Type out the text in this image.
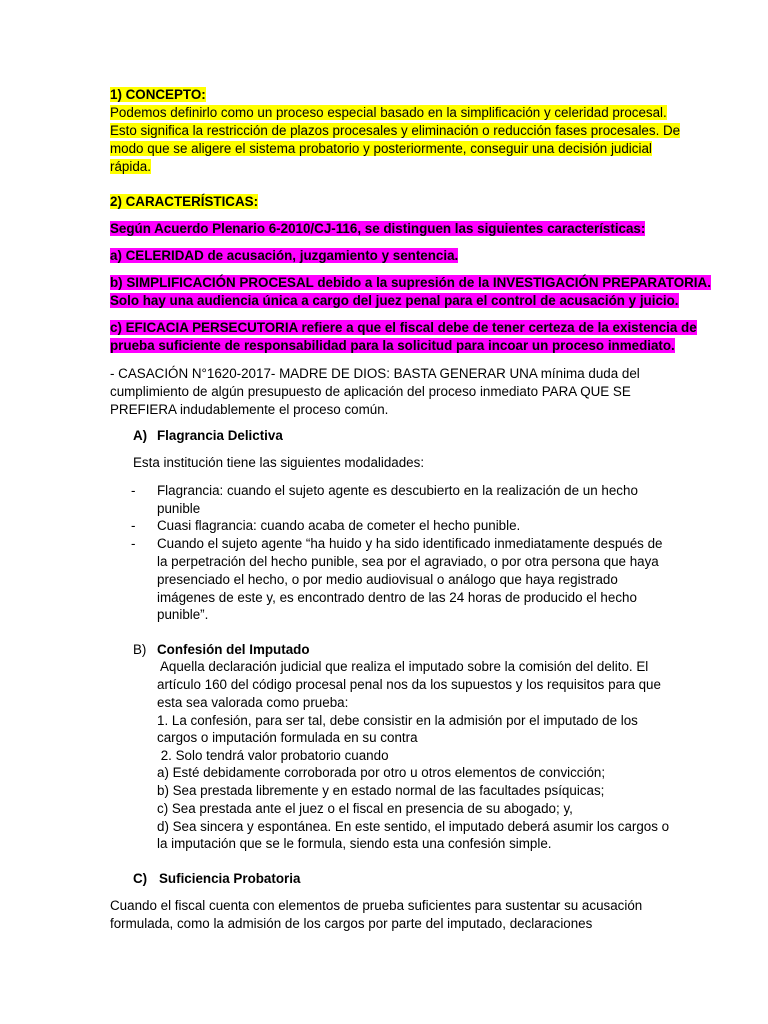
1) CONCEPTO:
Podemos definirlo como un proceso especial basado en la simplificación y celeridad procesal.
Esto significa la restricción de plazos procesales y eliminación o reducción fases procesales. De
modo que se aligere el sistema probatorio y posteriormente, conseguir una decisión judicial
rápida.
2) CARACTERÍSTICAS:
Según Acuerdo Plenario 6-2010/CJ-116, se distinguen las siguientes características:
a) CELERIDAD de acusación, juzgamiento y sentencia.
b) SIMPLIFICACIÓN PROCESAL debido a la supresión de la INVESTIGACIÓN PREPARATORIA.
Solo hay una audiencia única a cargo del juez penal para el control de acusación y juicio.
c) EFICACIA PERSECUTORIA refiere a que el fiscal debe de tener certeza de la existencia de
prueba suficiente de responsabilidad para la solicitud para incoar un proceso inmediato.
- CASACIÓN N°1620-2017- MADRE DE DIOS: BASTA GENERAR UNA mínima duda del
cumplimiento de algún presupuesto de aplicación del proceso inmediato PARA QUE SE
PREFIERA indudablemente el proceso común.
A) Flagrancia Delictiva
Esta institución tiene las siguientes modalidades:
- Flagrancia: cuando el sujeto agente es descubierto en la realización de un hecho
punible
- Cuasi flagrancia: cuando acaba de cometer el hecho punible.
- Cuando el sujeto agente “ha huido y ha sido identificado inmediatamente después de
la perpetración del hecho punible, sea por el agraviado, o por otra persona que haya
presenciado el hecho, o por medio audiovisual o análogo que haya registrado
imágenes de este y, es encontrado dentro de las 24 horas de producido el hecho
punible”.
B) Confesión del Imputado
Aquella declaración judicial que realiza el imputado sobre la comisión del delito. El
artículo 160 del código procesal penal nos da los supuestos y los requisitos para que
esta sea valorada como prueba:
1. La confesión, para ser tal, debe consistir en la admisión por el imputado de los
cargos o imputación formulada en su contra
2. Solo tendrá valor probatorio cuando
a) Esté debidamente corroborada por otro u otros elementos de convicción;
b) Sea prestada libremente y en estado normal de las facultades psíquicas;
c) Sea prestada ante el juez o el fiscal en presencia de su abogado; y,
d) Sea sincera y espontánea. En este sentido, el imputado deberá asumir los cargos o
la imputación que se le formula, siendo esta una confesión simple.
C) Suficiencia Probatoria
Cuando el fiscal cuenta con elementos de prueba suficientes para sustentar su acusación
formulada, como la admisión de los cargos por parte del imputado, declaraciones
